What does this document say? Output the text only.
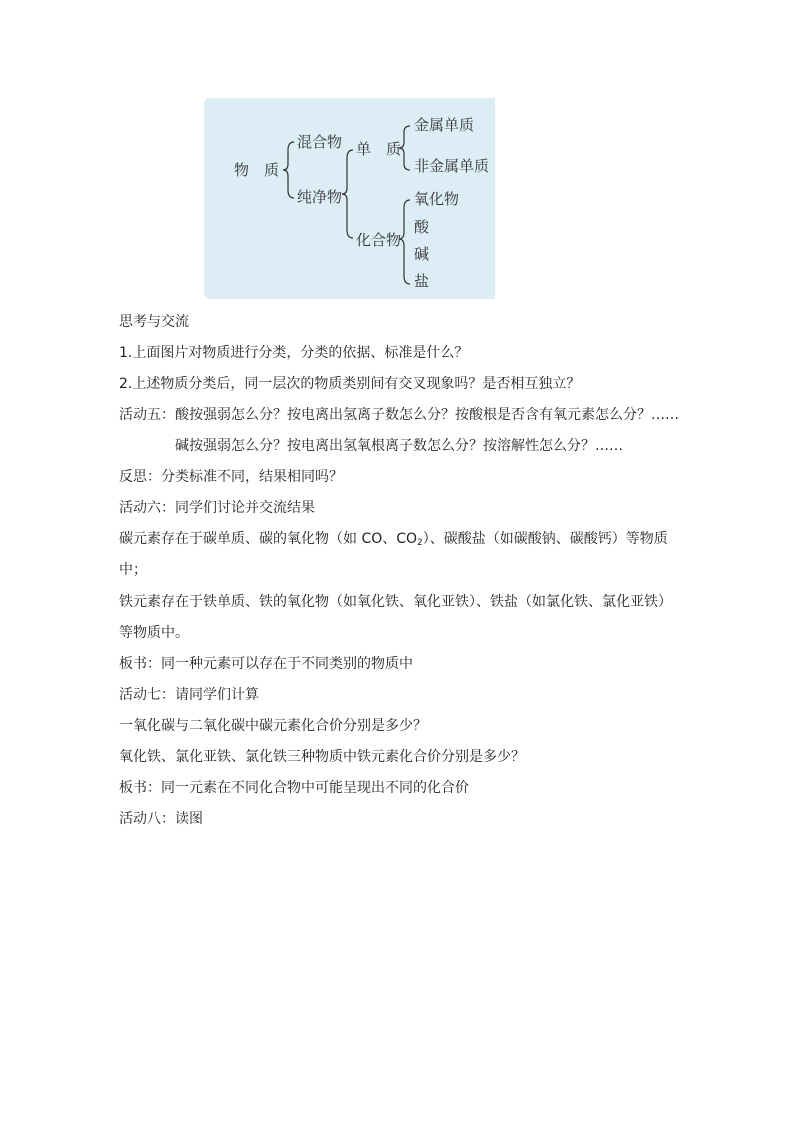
物　质
混合物
纯净物
单　质
化合物
金属单质
非金属单质
氧化物
酸
碱
盐
思考与交流
1.上面图片对物质进行分类，分类的依据、标准是什么？
2.上述物质分类后，同一层次的物质类别间有交叉现象吗？是否相互独立？
活动五：酸按强弱怎么分？按电离出氢离子数怎么分？按酸根是否含有氧元素怎么分？……
碱按强弱怎么分？按电离出氢氧根离子数怎么分？按溶解性怎么分？……
反思：分类标准不同，结果相同吗？
活动六：同学们讨论并交流结果
碳元素存在于碳单质、碳的氧化物（如 CO、$CO_2$）、碳酸盐（如碳酸钠、碳酸钙）等物质
中；
铁元素存在于铁单质、铁的氧化物（如氧化铁、氧化亚铁）、铁盐（如氯化铁、氯化亚铁）
等物质中。
板书：同一种元素可以存在于不同类别的物质中
活动七：请同学们计算
一氧化碳与二氧化碳中碳元素化合价分别是多少？
氧化铁、氯化亚铁、氯化铁三种物质中铁元素化合价分别是多少？
板书：同一元素在不同化合物中可能呈现出不同的化合价
活动八：读图
